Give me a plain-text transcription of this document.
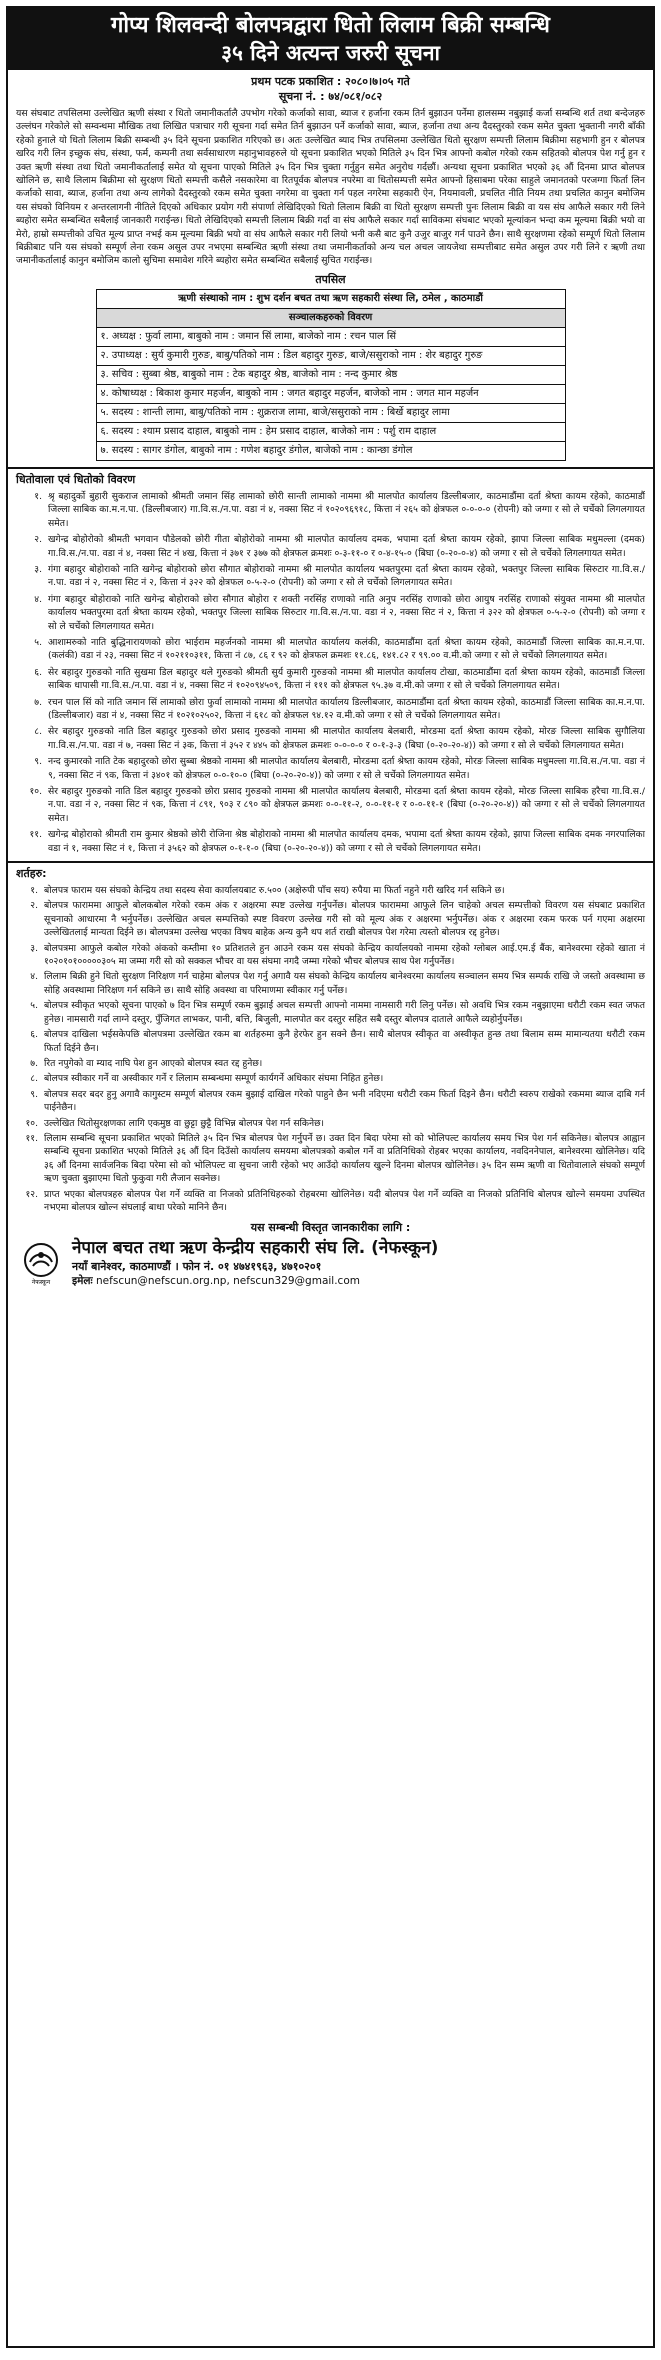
गोप्य शिलवन्दी बोलपत्रद्वारा धितो लिलाम बिक्री सम्बन्धि
३५ दिने अत्यन्त जरुरी सूचना
प्रथम पटक प्रकाशित : २०८०।७।०५ गते
सूचना नं. : ७४/०८१/०८२

यस संघबाट तपसिलमा उल्लेखित ऋणी संस्था र धितो जमानीकर्तालै उपभोग गरेको कर्जाको सावा, ब्याज र हर्जाना रकम तिर्न बुझाउन पर्नेमा हालसम्म नबुझाई कर्जा सम्बन्धि शर्त तथा बन्देजहरु उल्लंघन गरेकोले सो सम्वन्धमा मौखिक तथा लिखित पत्राचार गरी सूचना गर्दा समेत तिर्न बुझाउन पर्ने कर्जाको सावा, ब्याज, हर्जाना तथा अन्य दैदस्तुरको रकम समेत चुक्ता भुक्तानी नगरी बाँकी रहेको हुनाले यो धितो लिलाम बिक्री सम्बन्धी ३५ दिने सूचना प्रकाशित गरिएको छ। अतः उल्लेखित ब्याद भित्र तपसिलमा उल्लेखित धितो सुरक्षण सम्पत्ती लिलाम बिक्रीमा सहभागी हुन र बोलपत्र खरिद गरी लिन इच्छुक संघ, संस्था, फर्म, कम्पनी तथा सर्वसाधारण महानुभावहरुले यो सूचना प्रकाशित भएको मितिले ३५ दिन भित्र आफ्नो कबोल गरेको रकम सहितको बोलपत्र पेश गर्नु हुन र उक्त ऋणी संस्था तथा धितो जमानीकर्तालाई समेत यो सूचना पाएको मितिले ३५ दिन भित्र चुक्ता गर्नुहुन समेत अनुरोध गर्दछौं। अन्यथा सूचना प्रकाशित भएको ३६ औं दिनमा प्राप्त बोलपत्र खोलिने छ, साथै लिलाम बिक्रीमा सो सुरक्षण धितो सम्पत्ती कसैले नसकारेमा वा रितपूर्वक बोलपत्र नपरेमा वा धितोसम्पत्ती समेत आफ्नो हिसाबमा परेका साहुले जमानतको परजग्गा फिर्ता लिन कर्जाको सावा, ब्याज, हर्जाना तथा अन्य लागेको दैदस्तुरको रकम समेत चुक्ता नगरेमा वा चुक्ता गर्न पहल नगरेमा सहकारी ऐन, नियमावली, प्रचलित नीति नियम तथा प्रचलित कानुन बमोजिम यस संघको विनियम र अन्तरलागनी नीतिले दिएको अधिकार प्रयोग गरी संपार्णा लेखिदिएको धितो लिलाम बिक्री वा धितो सुरक्षण सम्पत्ती पुनः लिलाम बिक्री वा यस संघ आफैले सकार गरी लिने ब्यहोरा समेत सम्बन्धित सबैलाई जानकारी गराईन्छ। धितो लेखिदिएको सम्पत्ती लिलाम बिक्री गर्दा वा संघ आफैले सकार गर्दा साविकमा संघबाट भएको मूल्यांकन भन्दा कम मूल्यमा बिक्री भयो वा मेरो, हाम्रो सम्पत्तीको उचित मूल्य प्राप्त नभई कम मूल्यमा बिक्री भयो वा संघ आफैले सकार गरी लियो भनी कसै बाट कुनै उजुर बाजुर गर्न पाउने छैन। साथै सुरक्षणमा रहेको सम्पूर्ण धितो लिलाम बिक्रीबाट पनि यस संघको सम्पूर्ण लेना रकम असुल उपर नभएमा सम्बन्धित ऋणी संस्था तथा जमानीकर्ताको अन्य चल अचल जायजेथा सम्पत्तीबाट समेत असुल उपर गरी लिने र ऋणी तथा जमानीकर्तालाई कानुन बमोजिम कालो सुचिमा समावेश गरिने ब्यहोरा समेत सम्बन्धित सबैलाई सुचित गराईन्छ।

तपसिल
ऋणी संस्थाको नाम : शुभ दर्शन बचत तथा ऋण सहकारी संस्था लि, ठमेल , काठमाडौं
सञ्चालकहरुको विवरण
१. अध्यक्ष : फुर्वा लामा, बाबुको नाम : जमान सिं लामा, बाजेको नाम : रचन पाल सिं
२. उपाध्यक्ष : सुर्य कुमारी गुरुङ, बाबु/पतिको नाम : डिल बहादुर गुरुङ, बाजे/ससुराको नाम : शेर बहादुर गुरुङ
३. सचिव : सुब्बा श्रेष्ठ, बाबुको नाम : टेक बहादुर श्रेष्ठ, बाजेको नाम : नन्द कुमार श्रेष्ठ
४. कोषाध्यक्ष : बिकाश कुमार महर्जन, बाबुको नाम : जगत बहादुर महर्जन, बाजेको नाम : जगत मान महर्जन
५. सदस्य : शान्ती लामा, बाबु/पतिको नाम : शुक्रराज लामा, बाजे/ससुराको नाम : बिर्खे बहादुर लामा
६. सदस्य : श्याम प्रसाद दाहाल, बाबुको नाम : हेम प्रसाद दाहाल, बाजेको नाम : पर्शु राम दाहाल
७. सदस्य : सागर डंगोल, बाबुको नाम : गणेश बहादुर डंगोल, बाजेको नाम : कान्छा डंगोल
धितोवाला एवं धितोको विवरण
१. श्रृ बहादुर्को बुहारी सुकराज लामाको श्रीमती जमान सिंह लामाको छोरी सान्ती लामाको नाममा श्री मालपोत कार्यालय डिल्लीबजार, काठमाडौंमा दर्ता श्रेष्ता कायम रहेको, काठमाडौं जिल्ला साबिक का.म.न.पा. (डिल्लीबजार) गा.वि.स./न.पा. वडा नं ४, नक्सा सिट नं १०२०९६९१८, कित्ता नं २६५ को क्षेत्रफल ०-०-०-० (रोपनी) को जग्गा र सो ले चर्चेको लिगलगायत समेत।
२. खगेन्द्र बोहोरोको श्रीमती भगवान पौडेलको छोरी गीता बोहोरोको नाममा श्री मालपोत कार्यालय दमक, भपामा दर्ता श्रेष्ता कायम रहेको, झापा जिल्ला साबिक मधुमल्ला (दमक) गा.वि.स./न.पा. वडा नं ४, नक्सा सिट नं ४ख, कित्ता नं ३७१ र ३७७ को क्षेत्रफल क्रमशः ०-३-११-० र ०-४-१५-० (बिघा (०-२०-०-४) को जग्गा र सो ले चर्चेको लिगलगायत समेत।
३. गंगा बहादुर बोहोराको नाति खगेन्द्र बोहोराको छोरा सौगात बोहोराको नाममा श्री मालपोत कार्यालय भक्तपुरमा दर्ता श्रेष्ता कायम रहेको, भक्तपुर जिल्ला साबिक सिरुटार गा.वि.स./न.पा. वडा नं २, नक्सा सिट नं २, कित्ता नं ३२२ को क्षेत्रफल ०-५-२-० (रोपनी) को जग्गा र सो ले चर्चेको लिगलगायत समेत।
४. गंगा बहादुर बोहोराको नाति खगेन्द्र बोहोराको छोरा सौगात बोहोरा र शक्ती नरसिंह राणाको नाति अनुप नरसिंह राणाको छोरा आयुष नरसिंह राणाको संयुक्त नाममा श्री मालपोत कार्यालय भक्तपुरमा दर्ता श्रेष्ता कायम रहेको, भक्तपुर जिल्ला साबिक सिरुटार गा.वि.स./न.पा. वडा नं २, नक्सा सिट नं २, कित्ता नं ३२२ को क्षेत्रफल ०-५-२-० (रोपनी) को जग्गा र सो ले चर्चेको लिगलगायत समेत।
५. आशामरुको नाति बुद्धिनारायणको छोरा भाईराम महर्जनको नाममा श्री मालपोत कार्यालय कलंकी, काठमाडौंमा दर्ता श्रेष्ता कायम रहेको, काठमाडौं जिल्ला साबिक का.म.न.पा. (कलंकी) वडा नं २३, नक्सा सिट नं १०२११०३११, कित्ता नं ८७, ८६ र ९२ को क्षेत्रफल क्रमशः ११.८६, १४१.८२ र ९९.०० व.मी.को जग्गा र सो ले चर्चेको लिगलगायत समेत।
६. सेर बहादुर गुरुङको नाति सुखमा डिल बहादुर थले गुरुङको श्रीमती सुर्य कुमारी गुरुङको नाममा श्री मालपोत कार्यालय टोखा, काठमाडौंमा दर्ता श्रेष्ता कायम रहेको, काठमाडौं जिल्ला साबिक धापासी गा.वि.स./न.पा. वडा नं ४, नक्सा सिट नं १०२०९४५०९, कित्ता नं १११ को क्षेत्रफल ९५.३७ व.मी.को जग्गा र सो ले चर्चेको लिगलगायत समेत।
७. रचन पाल सिं को नाति जमान सिं लामाको छोरा फुर्वा लामाको नाममा श्री मालपोत कार्यालय डिल्लीबजार, काठमाडौंमा दर्ता श्रेष्ता कायम रहेको, काठमाडौं जिल्ला साबिक का.म.न.पा.(डिल्लीबजार) वडा नं ४, नक्सा सिट नं १०२१०२५०२, कित्ता नं ६१८ को क्षेत्रफल ९४.१२ व.मी.को जग्गा र सो ले चर्चेको लिगलगायत समेत।
८. सेर बहादुर गुरुङको नाति डिल बहादुर गुरुङको छोरा प्रसाद गुरुङको नाममा श्री मालपोत कार्यालय बेलबारी, मोरङमा दर्ता श्रेष्ता कायम रहेको, मोरङ जिल्ला साबिक सुगौलिया गा.वि.स./न.पा. वडा नं ७, नक्सा सिट नं ३क, कित्ता नं ३५२ र ४४५ को क्षेत्रफल क्रमशः ०-०-०-० र ०-१-३-३ (बिघा (०-२०-२०-४)) को जग्गा र सो ले चर्चेको लिगलगायत समेत।
९. नन्द कुमारको नाति टेक बहादुरको छोरा सुब्बा श्रेष्ठको नाममा श्री मालपोत कार्यालय बेलबारी, मोरङमा दर्ता श्रेष्ता कायम रहेको, मोरङ जिल्ला साबिक मधुमल्ला गा.वि.स./न.पा. वडा नं ९, नक्सा सिट नं ९क, कित्ता नं ३४०१ को क्षेत्रफल ०-०-१०-० (बिघा (०-२०-२०-४)) को जग्गा र सो ले चर्चेको लिगलगायत समेत।
१०. सेर बहादुर गुरुङको नाति डिल बहादुर गुरुङको छोरा प्रसाद गुरुङको नाममा श्री मालपोत कार्यालय बेलबारी, मोरङमा दर्ता श्रेष्ता कायम रहेको, मोरङ जिल्ला साबिक हरैचा गा.वि.स./न.पा. वडा नं २, नक्सा सिट नं ९क, कित्ता नं ८९१, ९०३ र ८९० को क्षेत्रफल क्रमशः ०-०-११-२, ०-०-११-१ र ०-०-११-१ (बिघा (०-२०-२०-४)) को जग्गा र सो ले चर्चेको लिगलगायत समेत।
११. खगेन्द्र बोहोराको श्रीमती राम कुमार श्रेष्ठको छोरी रोजिना श्रेष्ठ बोहोराको नाममा श्री मालपोत कार्यालय दमक, भपामा दर्ता श्रेष्ता कायम रहेको, झापा जिल्ला साबिक दमक नगरपालिका वडा नं १, नक्सा सिट नं १, कित्ता नं ३५६२ को क्षेत्रफल ०-१-१-० (बिघा (०-२०-२०-४)) को जग्गा र सो ले चर्चेको लिगलगायत समेत।
शर्तहरु:
१. बोलपत्र फाराम यस संघको केन्द्रिय तथा सदस्य सेवा कार्यालयबाट रु.५०० (अक्षेरुपी पाँच सय) रुपैया मा फिर्ता नहुने गरी खरिद गर्न सकिने छ।
२. बोलपत्र फाराममा आफुले बोलकबोल गरेको रकम अंक र अक्षरमा स्पष्ट उल्लेख गर्नुपर्नेछ। बोलपत्र फाराममा आफुले लिन चाहेको अचल सम्पत्तीको विवरण यस संघबाट प्रकाशित सूचनाको आधारमा नै भर्नुपर्नेछ। उल्लेखित अचल सम्पत्तिको स्पष्ट विवरण उल्लेख गरी सो को मूल्य अंक र अक्षरमा भर्नुपर्नेछ। अंक र अक्षरमा रकम फरक पर्न गएमा अक्षरमा उल्लेखितलाई मान्यता दिईने छ। बोलपत्रमा उल्लेख भएका विषय बाहेक अन्य कुनै थप शर्त राखी बोलपत्र पेश गरेमा त्यस्तो बोलपत्र रद्द हुनेछ।
३. बोलपत्रमा आफुले कबोल गरेको अंकको कम्तीमा १० प्रतिशतले हुन आउने रकम यस संघको केन्द्रिय कार्यालयको नाममा रहेको ग्लोबल आई.एम.ई बैंक, बानेश्वरमा रहेको खाता नं १०२०१०१०००००३०५ मा जम्मा गरी सो को सक्कल भौचर वा यस संघमा नगदै जम्मा गरेको भौचर बोलपत्र साथ पेश गर्नुपर्नेछ।
४. लिलाम बिक्री हुने धितो सुरक्षण निरिक्षण गर्न चाहेमा बोलपत्र पेश गर्नु अगावै यस संघको केन्द्रिय कार्यालय बानेश्वरमा कार्यालय सञ्चालन समय भित्र सम्पर्क राखि जे जस्तो अवस्थामा छ सोहि अवस्थामा निरिक्षण गर्न सकिने छ। साथै सोहि अवस्था वा परिमाणमा स्वीकार गर्नु पर्नेछ।
५. बोलपत्र स्वीकृत भएको सूचना पाएको ७ दिन भित्र सम्पूर्ण रकम बुझाई अचल सम्पत्ती आफ्नो नाममा नामसारी गरी लिनु पर्नेछ। सो अवधि भित्र रकम नबुझाएमा धरौटी रकम स्वत जफत हुनेछ। नामसारी गर्दा लाग्ने दस्तुर, पुँजिगत लाभकर, पानी, बत्ति, बिजुली, मालपोत कर दस्तुर सहित सबै दस्तुर बोलपत्र दाताले आफैले व्यहोर्नुपर्नेछ।
६. बोलपत्र दाखिला भईसकेपछि बोलपत्रमा उल्लेखित रकम बा शर्तहरुमा कुनै हेरफेर हुन सक्ने छैन। साथै बोलपत्र स्वीकृत वा अस्वीकृत हुन्छ तथा बिलाम सम्म मामान्यतया धरौटी रकम फिर्ता दिईने छैन।
७. रित नपुगेको वा म्याद नाघि पेश हुन आएको बोलपत्र स्वत रद्द हुनेछ।
८. बोलपत्र स्वीकार गर्ने वा अस्वीकार गर्ने र लिलाम सम्बन्धमा सम्पूर्ण कार्यगर्ने अधिकार संघमा निहित हुनेछ।
९. बोलपत्र सदर बदर हुनु अगावै कागुस्टम सम्पूर्ण बोलपत्र रकम बुझाई दाखिल गरेको पाहुने छैन भनी नदिएमा धरौटी रकम फिर्ता दिइने छैन। धरौटी स्वरुप राखेको रकममा ब्याज दाबि गर्न पाईनेछैन।
१०. उल्लेखित धितोसुरक्षणका लागि एकमुष्ठ वा छुट्टा छुट्टै विभिन्न बोलपत्र पेश गर्न सकिनेछ।
११. लिलाम सम्बन्धि सूचना प्रकाशित भएको मितिले ३५ दिन भित्र बोलपत्र पेश गर्नुपर्ने छ। उक्त दिन बिदा परेमा सो को भोलिपल्ट कार्यालय समय भित्र पेश गर्न सकिनेछ। बोलपत्र आह्वान सम्बन्धि सूचना प्रकाशित भएको मितिले ३६ औं दिन दिउँसो कार्यालय समयमा बोलपत्रको कबोल गर्ने वा प्रतिनिधिको रोहबर भएका कार्यालय, नवदिननेपाल, बानेश्वरमा खोलिनेछ। यदि ३६ औं दिनमा सार्वजनिक बिदा परेमा सो को भोलिपल्ट वा सुचना जारी रहेको भए आउँदो कार्यालय खुल्ने दिनमा बोलपत्र खोलिनेछ। ३५ दिन सम्म ऋणी वा धितोवालाले संघको सम्पूर्ण ऋण चुक्ता बुझाएमा धितो फुकुवा गरी लैजान सक्नेछ।
१२. प्राप्त भएका बोलपत्रहरु बोलपत्र पेश गर्ने व्यक्ति वा निजको प्रतिनिधिहरुको रोहबरमा खोलिनेछ। यदी बोलपत्र पेश गर्ने व्यक्ति वा निजको प्रतिनिधि बोलपत्र खोल्ने समयमा उपस्थित नभएमा बोलपत्र खोल्न संघलाई बाधा परेको मानिने छैन।
यस सम्बन्धी विस्तृत जानकारीका लागि :
नेफस्कून
नेपाल बचत तथा ऋण केन्द्रीय सहकारी संघ लि. (नेफस्कून)
नयाँ बानेश्वर, काठमाण्डौं । फोन नं. ०१ ४७४१९६३, ४७१०२०१
इमेलः nefscun@nefscun.org.np, nefscun329@gmail.com
